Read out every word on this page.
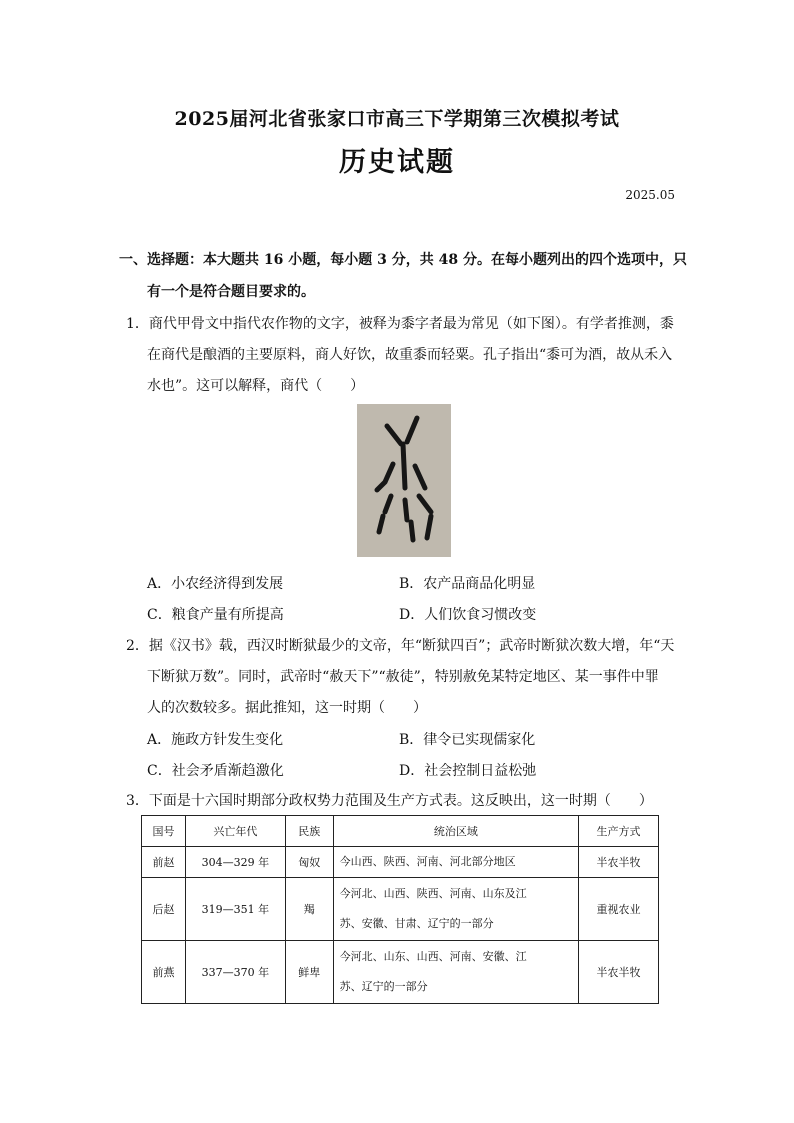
2025届河北省张家口市高三下学期第三次模拟考试
历史试题
2025.05
一、选择题：本大题共 16 小题，每小题 3 分，共 48 分。在每小题列出的四个选项中，只
有一个是符合题目要求的。
1．商代甲骨文中指代农作物的文字，被释为黍字者最为常见（如下图）。有学者推测，黍
在商代是酿酒的主要原料，商人好饮，故重黍而轻粟。孔子指出“黍可为酒，故从禾入
水也”。这可以解释，商代（　　）
A．小农经济得到发展	B．农产品商品化明显
C．粮食产量有所提高	D．人们饮食习惯改变
2．据《汉书》载，西汉时断狱最少的文帝，年“断狱四百”；武帝时断狱次数大增，年“天
下断狱万数”。同时，武帝时“赦天下”“赦徒”，特别赦免某特定地区、某一事件中罪
人的次数较多。据此推知，这一时期（　　）
A．施政方针发生变化	B．律令已实现儒家化
C．社会矛盾渐趋激化	D．社会控制日益松弛
3．下面是十六国时期部分政权势力范围及生产方式表。这反映出，这一时期（　　）
国号	兴亡年代	民族	统治区域	生产方式
前赵	304—329 年	匈奴	今山西、陕西、河南、河北部分地区	半农半牧
后赵	319—351 年	羯	今河北、山西、陕西、河南、山东及江
苏、安徽、甘肃、辽宁的一部分	重视农业
前燕	337—370 年	鲜卑	今河北、山东、山西、河南、安徽、江
苏、辽宁的一部分	半农半牧
